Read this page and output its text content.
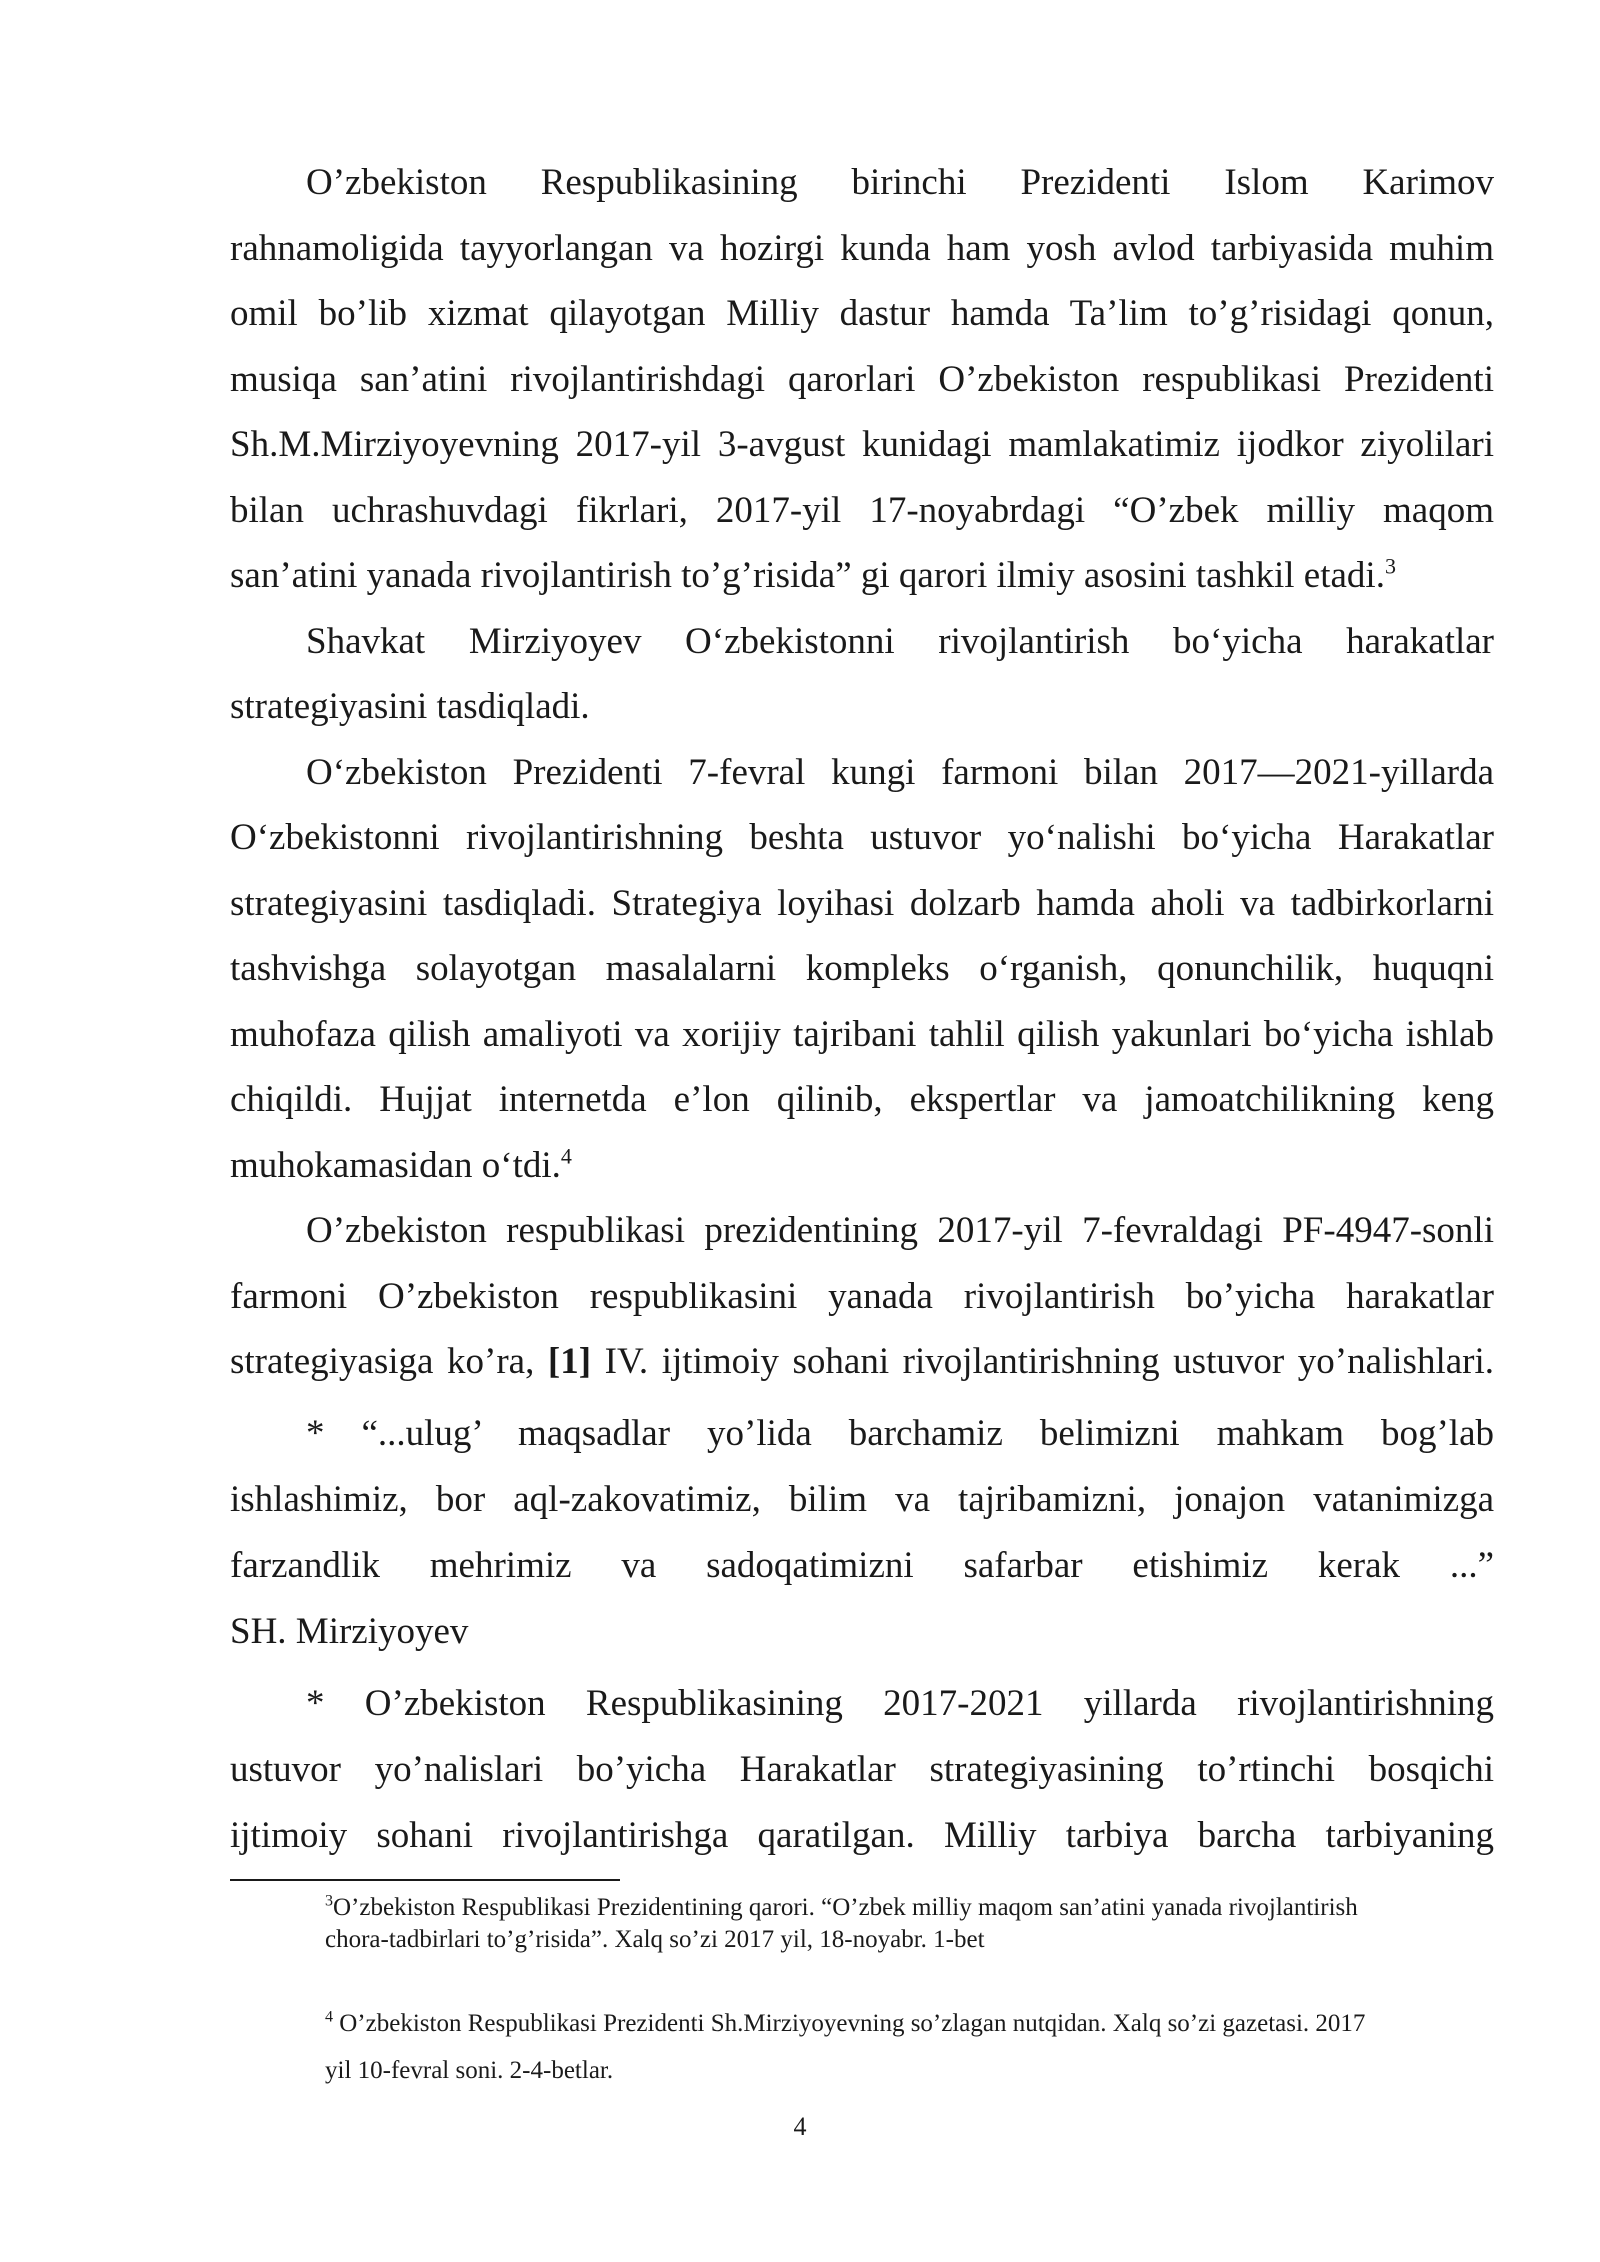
O’zbekiston Respublikasining birinchi Prezidenti Islom Karimov
rahnamoligida tayyorlangan va hozirgi kunda ham yosh avlod tarbiyasida muhim
omil bo’lib xizmat qilayotgan Milliy dastur hamda Ta’lim to’g’risidagi qonun,
musiqa san’atini rivojlantirishdagi qarorlari O’zbekiston respublikasi Prezidenti
Sh.M.Mirziyoyevning 2017-yil 3-avgust kunidagi mamlakatimiz ijodkor ziyolilari
bilan uchrashuvdagi fikrlari, 2017-yil 17-noyabrdagi “O’zbek milliy maqom
san’atini yanada rivojlantirish to’g’risida” gi qarori ilmiy asosini tashkil etadi.$^3$

Shavkat Mirziyoyev O‘zbekistonni rivojlantirish bo‘yicha harakatlar
strategiyasini tasdiqladi.

O‘zbekiston Prezidenti 7-fevral kungi farmoni bilan 2017—2021-yillarda
O‘zbekistonni rivojlantirishning beshta ustuvor yo‘nalishi bo‘yicha Harakatlar
strategiyasini tasdiqladi. Strategiya loyihasi dolzarb hamda aholi va tadbirkorlarni
tashvishga solayotgan masalalarni kompleks o‘rganish, qonunchilik, huquqni
muhofaza qilish amaliyoti va xorijiy tajribani tahlil qilish yakunlari bo‘yicha ishlab
chiqildi. Hujjat internetda e’lon qilinib, ekspertlar va jamoatchilikning keng
muhokamasidan o‘tdi.$^4$

O’zbekiston respublikasi prezidentining 2017-yil 7-fevraldagi PF-4947-sonli
farmoni O’zbekiston respublikasini yanada rivojlantirish bo’yicha harakatlar
strategiyasiga ko’ra, [1] IV. ijtimoiy sohani rivojlantirishning ustuvor yo’nalishlari.

* “...ulug’ maqsadlar yo’lida barchamiz belimizni mahkam bog’lab
ishlashimiz, bor aql-zakovatimiz, bilim va tajribamizni, jonajon vatanimizga
farzandlik mehrimiz va sadoqatimizni safarbar etishimiz kerak ...”
SH. Mirziyoyev

* O’zbekiston Respublikasining 2017-2021 yillarda rivojlantirishning
ustuvor yo’nalislari bo’yicha Harakatlar strategiyasining to’rtinchi bosqichi
ijtimoiy sohani rivojlantirishga qaratilgan. Milliy tarbiya barcha tarbiyaning

$^3$O’zbekiston Respublikasi Prezidentining qarori. “O’zbek milliy maqom san’atini yanada rivojlantirish
chora-tadbirlari to’g’risida”. Xalq so’zi 2017 yil, 18-noyabr. 1-bet

$^4$ O’zbekiston Respublikasi Prezidenti Sh.Mirziyoyevning so’zlagan nutqidan. Xalq so’zi gazetasi. 2017
yil 10-fevral soni. 2-4-betlar.

4
